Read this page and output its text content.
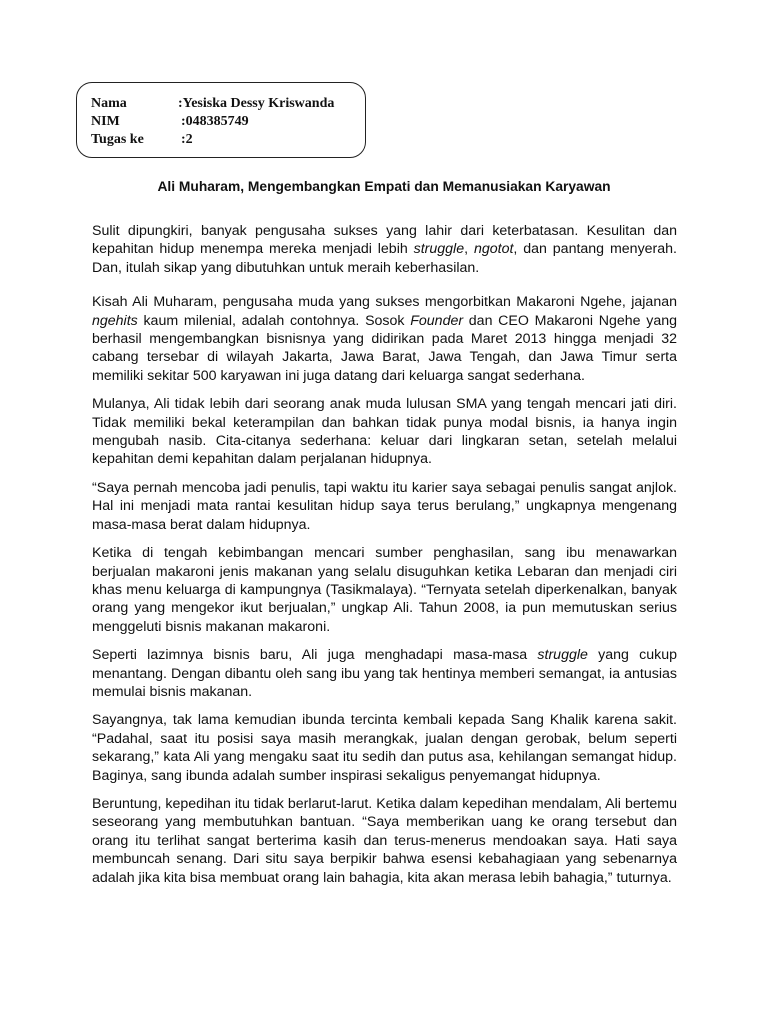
Nama	:Yesiska Dessy Kriswanda
NIM	:048385749
Tugas ke	:2
Ali Muharam, Mengembangkan Empati dan Memanusiakan Karyawan

Sulit dipungkiri, banyak pengusaha sukses yang lahir dari keterbatasan. Kesulitan dan kepahitan hidup menempa mereka menjadi lebih struggle, ngotot, dan pantang menyerah. Dan, itulah sikap yang dibutuhkan untuk meraih keberhasilan.

Kisah Ali Muharam, pengusaha muda yang sukses mengorbitkan Makaroni Ngehe, jajanan ngehits kaum milenial, adalah contohnya. Sosok Founder dan CEO Makaroni Ngehe yang berhasil mengembangkan bisnisnya yang didirikan pada Maret 2013 hingga menjadi 32 cabang tersebar di wilayah Jakarta, Jawa Barat, Jawa Tengah, dan Jawa Timur serta memiliki sekitar 500 karyawan ini juga datang dari keluarga sangat sederhana.

Mulanya, Ali tidak lebih dari seorang anak muda lulusan SMA yang tengah mencari jati diri. Tidak memiliki bekal keterampilan dan bahkan tidak punya modal bisnis, ia hanya ingin mengubah nasib. Cita-citanya sederhana: keluar dari lingkaran setan, setelah melalui kepahitan demi kepahitan dalam perjalanan hidupnya.

“Saya pernah mencoba jadi penulis, tapi waktu itu karier saya sebagai penulis sangat anjlok. Hal ini menjadi mata rantai kesulitan hidup saya terus berulang,” ungkapnya mengenang masa-masa berat dalam hidupnya.

Ketika di tengah kebimbangan mencari sumber penghasilan, sang ibu menawarkan berjualan makaroni jenis makanan yang selalu disuguhkan ketika Lebaran dan menjadi ciri khas menu keluarga di kampungnya (Tasikmalaya). “Ternyata setelah diperkenalkan, banyak orang yang mengekor ikut berjualan,” ungkap Ali. Tahun 2008, ia pun memutuskan serius menggeluti bisnis makanan makaroni.

Seperti lazimnya bisnis baru, Ali juga menghadapi masa-masa struggle yang cukup menantang. Dengan dibantu oleh sang ibu yang tak hentinya memberi semangat, ia antusias memulai bisnis makanan.

Sayangnya, tak lama kemudian ibunda tercinta kembali kepada Sang Khalik karena sakit. “Padahal, saat itu posisi saya masih merangkak, jualan dengan gerobak, belum seperti sekarang,” kata Ali yang mengaku saat itu sedih dan putus asa, kehilangan semangat hidup. Baginya, sang ibunda adalah sumber inspirasi sekaligus penyemangat hidupnya.

Beruntung, kepedihan itu tidak berlarut-larut. Ketika dalam kepedihan mendalam, Ali bertemu seseorang yang membutuhkan bantuan. “Saya memberikan uang ke orang tersebut dan orang itu terlihat sangat berterima kasih dan terus-menerus mendoakan saya. Hati saya membuncah senang. Dari situ saya berpikir bahwa esensi kebahagiaan yang sebenarnya adalah jika kita bisa membuat orang lain bahagia, kita akan merasa lebih bahagia,” tuturnya.
